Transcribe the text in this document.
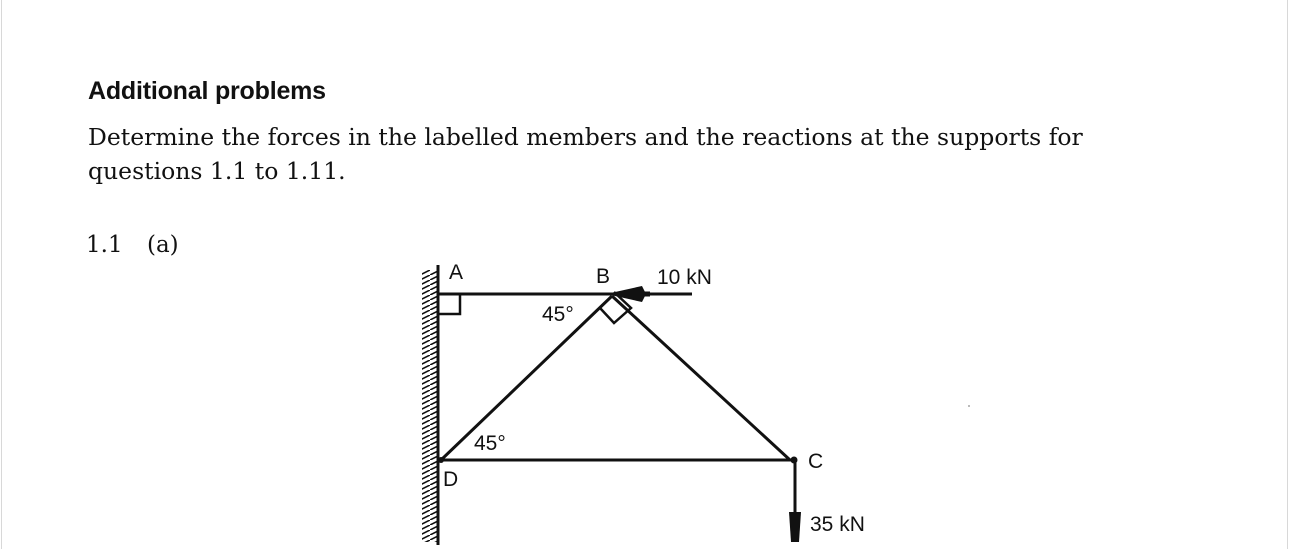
Additional problems
Determine the forces in the labelled members and the reactions at the supports for
questions 1.1 to 1.11.
1.1 (a)
A	B
C
D
45°
45°
10 kN
35 kN
